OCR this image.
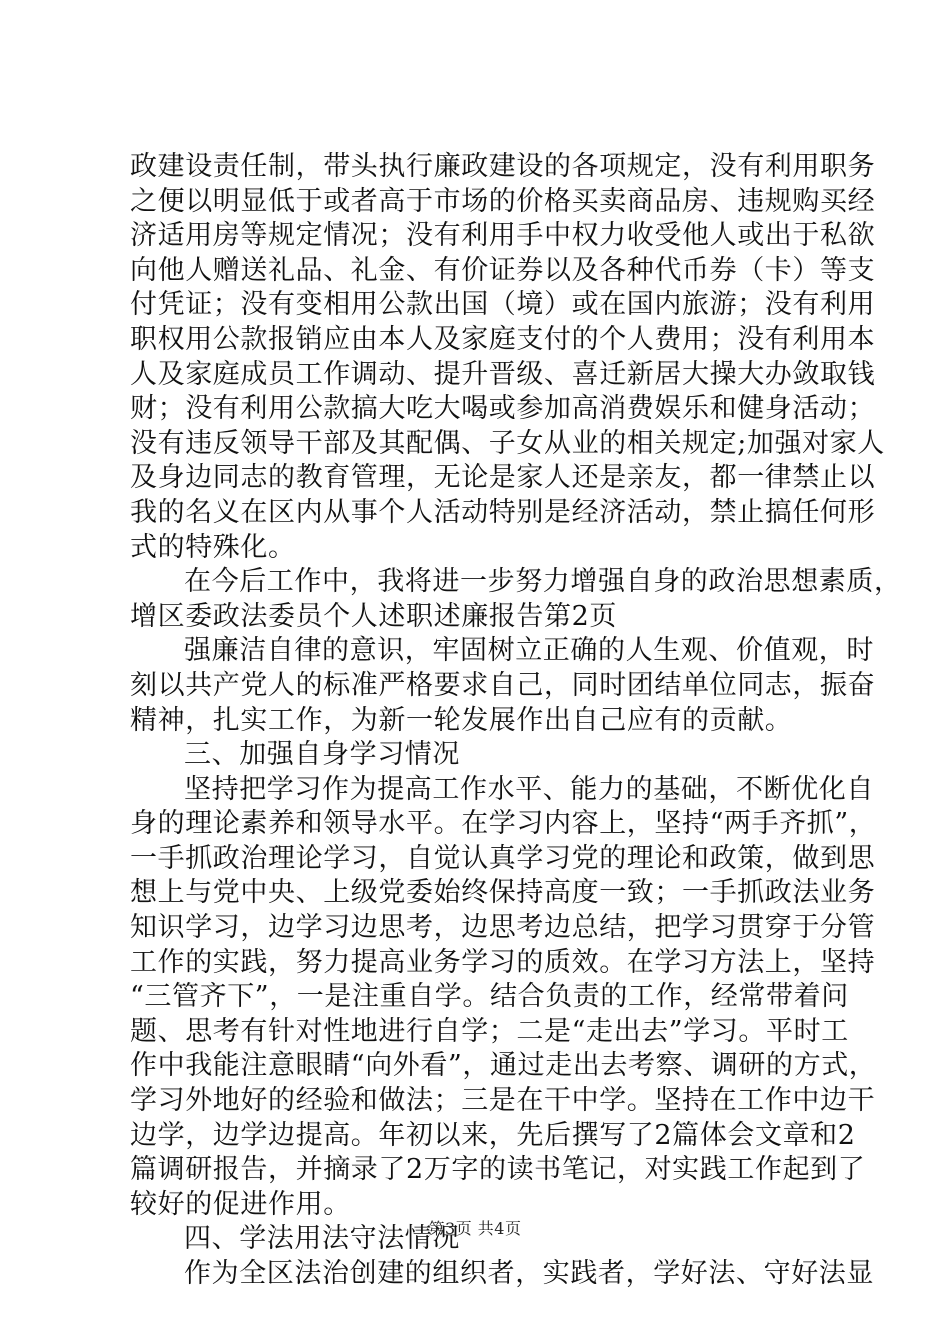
政建设责任制，带头执行廉政建设的各项规定，没有利用职务
之便以明显低于或者高于市场的价格买卖商品房、违规购买经
济适用房等规定情况；没有利用手中权力收受他人或出于私欲
向他人赠送礼品、礼金、有价证券以及各种代币券（卡）等支
付凭证；没有变相用公款出国（境）或在国内旅游；没有利用
职权用公款报销应由本人及家庭支付的个人费用；没有利用本
人及家庭成员工作调动、提升晋级、喜迁新居大操大办敛取钱
财；没有利用公款搞大吃大喝或参加高消费娱乐和健身活动；
没有违反领导干部及其配偶、子女从业的相关规定;加强对家人
及身边同志的教育管理，无论是家人还是亲友，都一律禁止以
我的名义在区内从事个人活动特别是经济活动，禁止搞任何形
式的特殊化。
在今后工作中，我将进一步努力增强自身的政治思想素质，
增区委政法委员个人述职述廉报告第2页
强廉洁自律的意识，牢固树立正确的人生观、价值观，时
刻以共产党人的标准严格要求自己，同时团结单位同志，振奋
精神，扎实工作，为新一轮发展作出自己应有的贡献。
三、加强自身学习情况
坚持把学习作为提高工作水平、能力的基础，不断优化自
身的理论素养和领导水平。在学习内容上，坚持“两手齐抓”，
一手抓政治理论学习，自觉认真学习党的理论和政策，做到思
想上与党中央、上级党委始终保持高度一致；一手抓政法业务
知识学习，边学习边思考，边思考边总结，把学习贯穿于分管
工作的实践，努力提高业务学习的质效。在学习方法上，坚持
“三管齐下”，一是注重自学。结合负责的工作，经常带着问
题、思考有针对性地进行自学；二是“走出去”学习。平时工
作中我能注意眼睛“向外看”，通过走出去考察、调研的方式，
学习外地好的经验和做法；三是在干中学。坚持在工作中边干
边学，边学边提高。年初以来，先后撰写了2篇体会文章和2
篇调研报告，并摘录了2万字的读书笔记，对实践工作起到了
较好的促进作用。
四、学法用法守法情况
作为全区法治创建的组织者，实践者，学好法、守好法显
第3页 共4页
